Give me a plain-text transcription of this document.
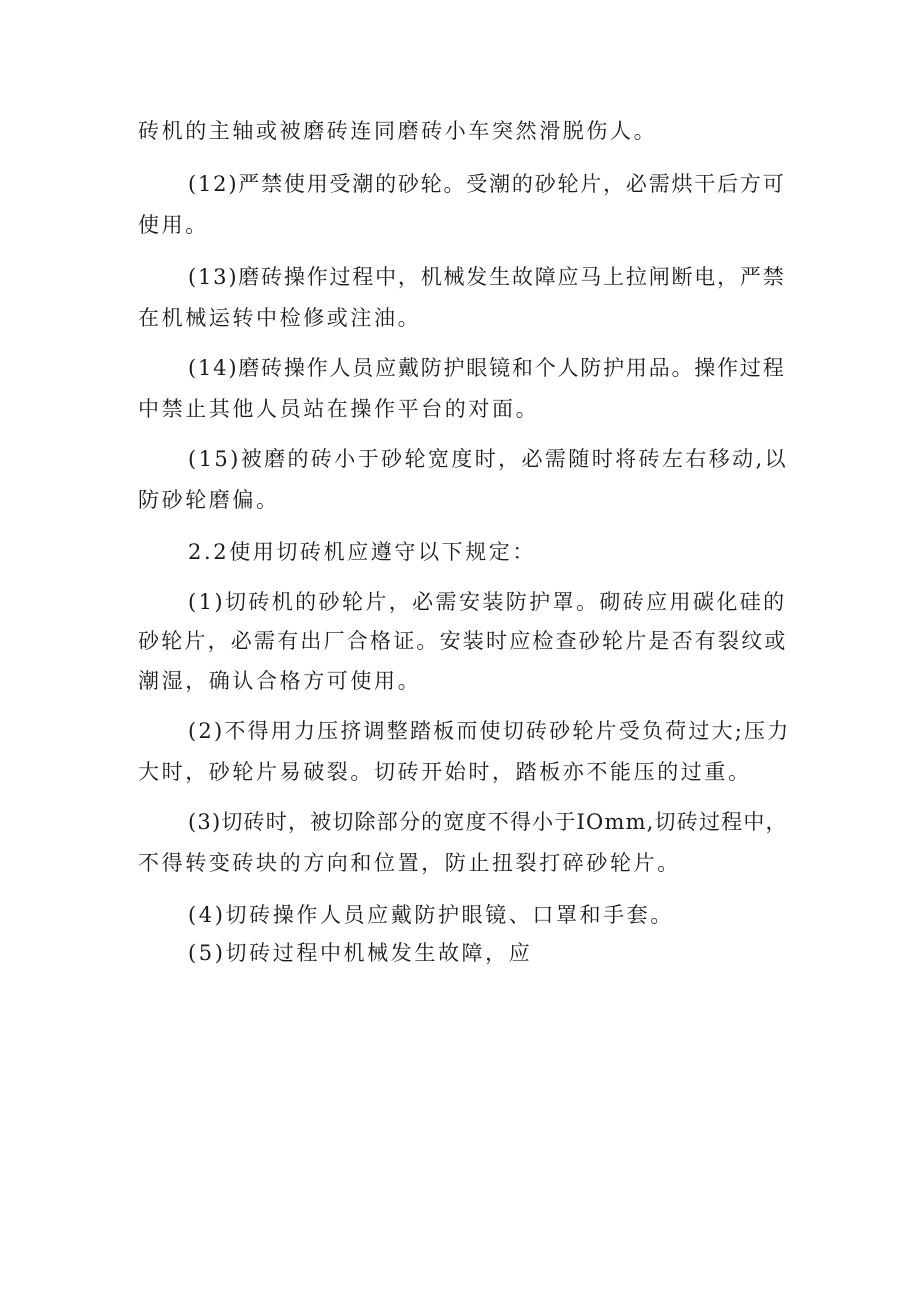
砖机的主轴或被磨砖连同磨砖小车突然滑脱伤人。
(12)严禁使用受潮的砂轮。受潮的砂轮片，必需烘干后方可
使用。
(13)磨砖操作过程中，机械发生故障应马上拉闸断电，严禁
在机械运转中检修或注油。
(14)磨砖操作人员应戴防护眼镜和个人防护用品。操作过程
中禁止其他人员站在操作平台的对面。
(15)被磨的砖小于砂轮宽度时，必需随时将砖左右移动,以
防砂轮磨偏。
2.2使用切砖机应遵守以下规定：
(1)切砖机的砂轮片，必需安装防护罩。砌砖应用碳化硅的
砂轮片，必需有出厂合格证。安装时应检查砂轮片是否有裂纹或
潮湿，确认合格方可使用。
(2)不得用力压挤调整踏板而使切砖砂轮片受负荷过大;压力
大时，砂轮片易破裂。切砖开始时，踏板亦不能压的过重。
(3)切砖时，被切除部分的宽度不得小于IOmm,切砖过程中，
不得转变砖块的方向和位置，防止扭裂打碎砂轮片。
(4)切砖操作人员应戴防护眼镜、口罩和手套。
(5)切砖过程中机械发生故障，应
